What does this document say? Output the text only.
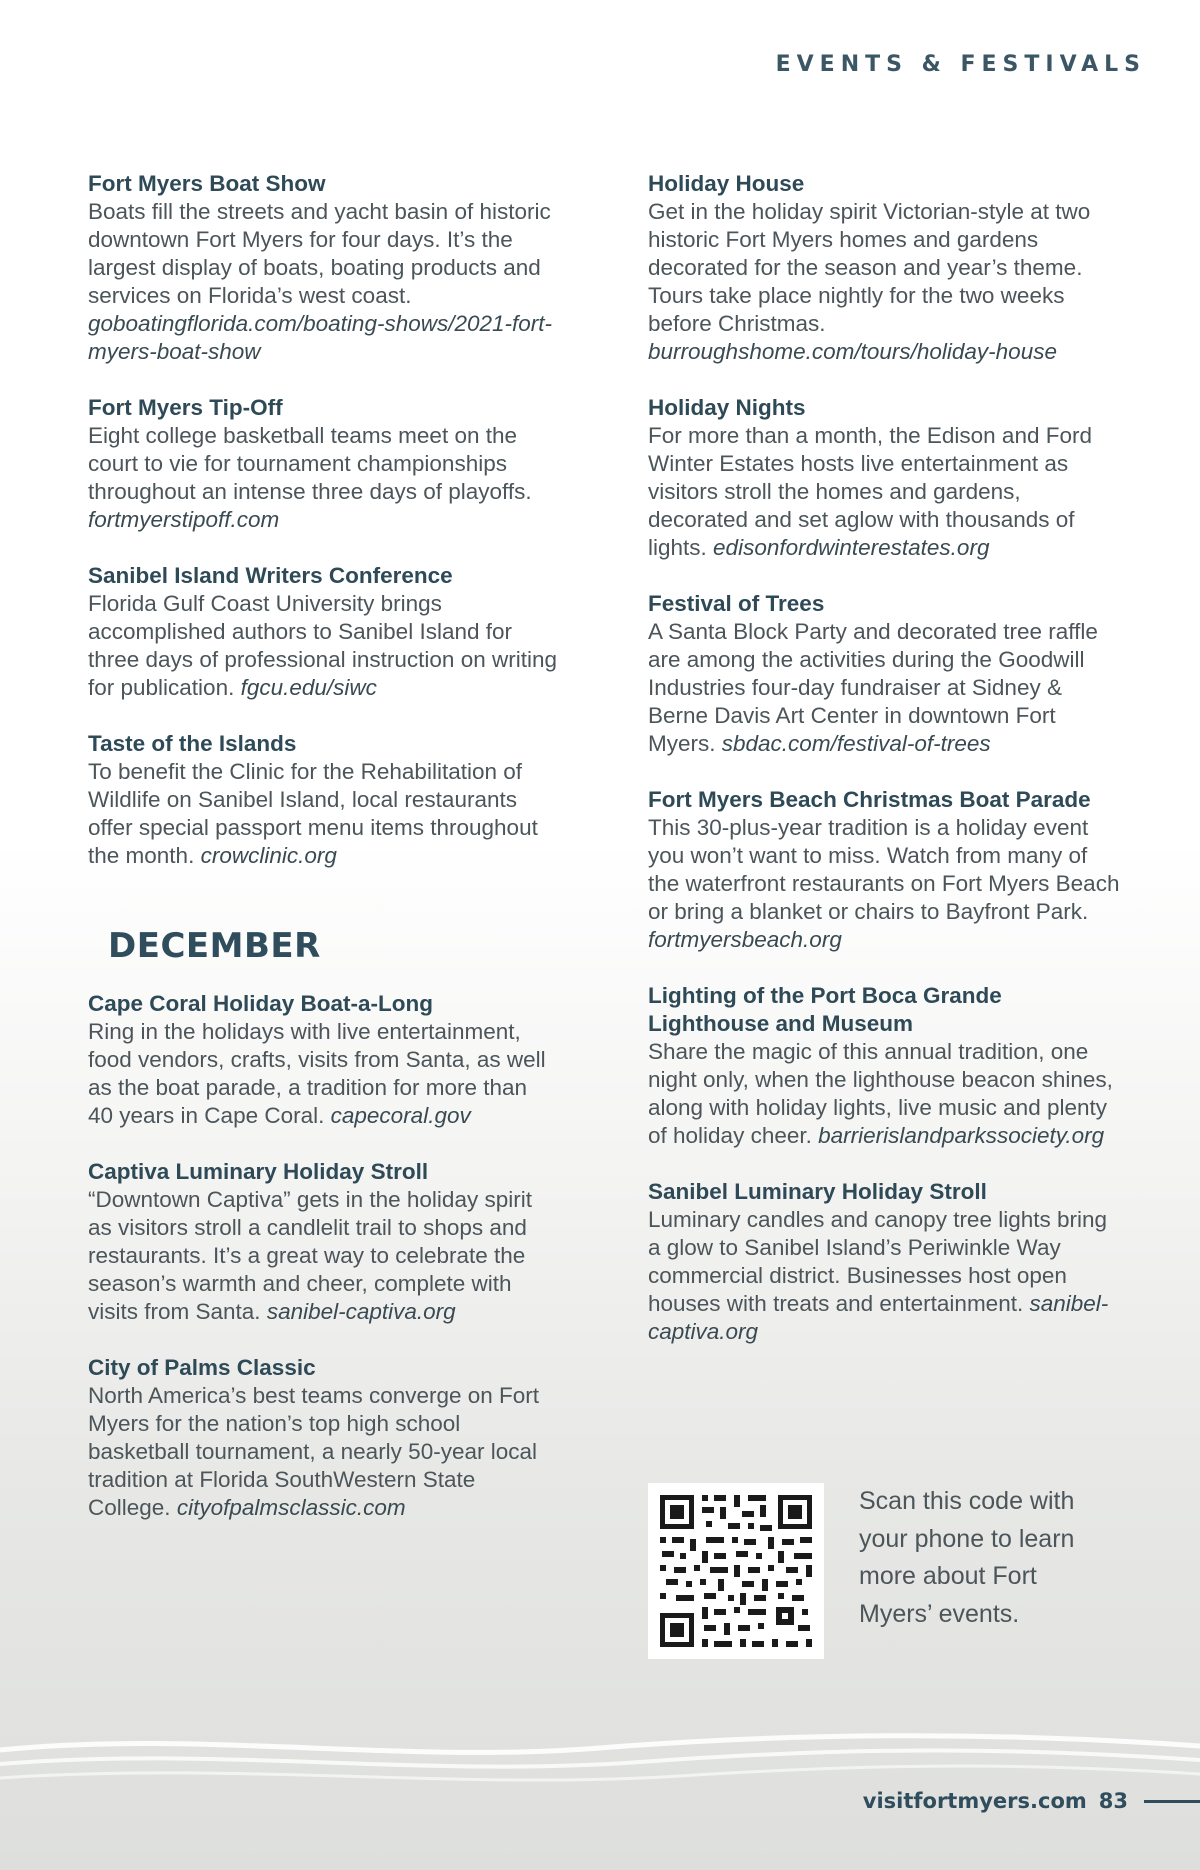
EVENTS & FESTIVALS
Fort Myers Boat Show
Boats fill the streets and yacht basin of historic downtown Fort Myers for four days. It’s the largest display of boats, boating products and services on Florida’s west coast. goboatingflorida.com/boating-shows/2021-fort-myers-boat-show
Fort Myers Tip-Off
Eight college basketball teams meet on the court to vie for tournament championships throughout an intense three days of playoffs. fortmyerstipoff.com
Sanibel Island Writers Conference
Florida Gulf Coast University brings accomplished authors to Sanibel Island for three days of professional instruction on writing for publication. fgcu.edu/siwc
Taste of the Islands
To benefit the Clinic for the Rehabilitation of Wildlife on Sanibel Island, local restaurants offer special passport menu items throughout the month. crowclinic.org
DECEMBER
Cape Coral Holiday Boat-a-Long
Ring in the holidays with live entertainment, food vendors, crafts, visits from Santa, as well as the boat parade, a tradition for more than 40 years in Cape Coral. capecoral.gov
Captiva Luminary Holiday Stroll
“Downtown Captiva” gets in the holiday spirit as visitors stroll a candlelit trail to shops and restaurants. It’s a great way to celebrate the season’s warmth and cheer, complete with visits from Santa. sanibel-captiva.org
City of Palms Classic
North America’s best teams converge on Fort Myers for the nation’s top high school basketball tournament, a nearly 50-year local tradition at Florida SouthWestern State College. cityofpalmsclassic.com
Holiday House
Get in the holiday spirit Victorian-style at two historic Fort Myers homes and gardens decorated for the season and year’s theme. Tours take place nightly for the two weeks before Christmas. burroughshome.com/tours/holiday-house
Holiday Nights
For more than a month, the Edison and Ford Winter Estates hosts live entertainment as visitors stroll the homes and gardens, decorated and set aglow with thousands of lights. edisonfordwinterestates.org
Festival of Trees
A Santa Block Party and decorated tree raffle are among the activities during the Goodwill Industries four-day fundraiser at Sidney & Berne Davis Art Center in downtown Fort Myers. sbdac.com/festival-of-trees
Fort Myers Beach Christmas Boat Parade
This 30-plus-year tradition is a holiday event you won’t want to miss. Watch from many of the waterfront restaurants on Fort Myers Beach or bring a blanket or chairs to Bayfront Park. fortmyersbeach.org
Lighting of the Port Boca Grande Lighthouse and Museum
Share the magic of this annual tradition, one night only, when the lighthouse beacon shines, along with holiday lights, live music and plenty of holiday cheer. barrierislandparkssociety.org
Sanibel Luminary Holiday Stroll
Luminary candles and canopy tree lights bring a glow to Sanibel Island’s Periwinkle Way commercial district. Businesses host open houses with treats and entertainment. sanibel-captiva.org
Scan this code with your phone to learn more about Fort Myers’ events.
visitfortmyers.com 83
